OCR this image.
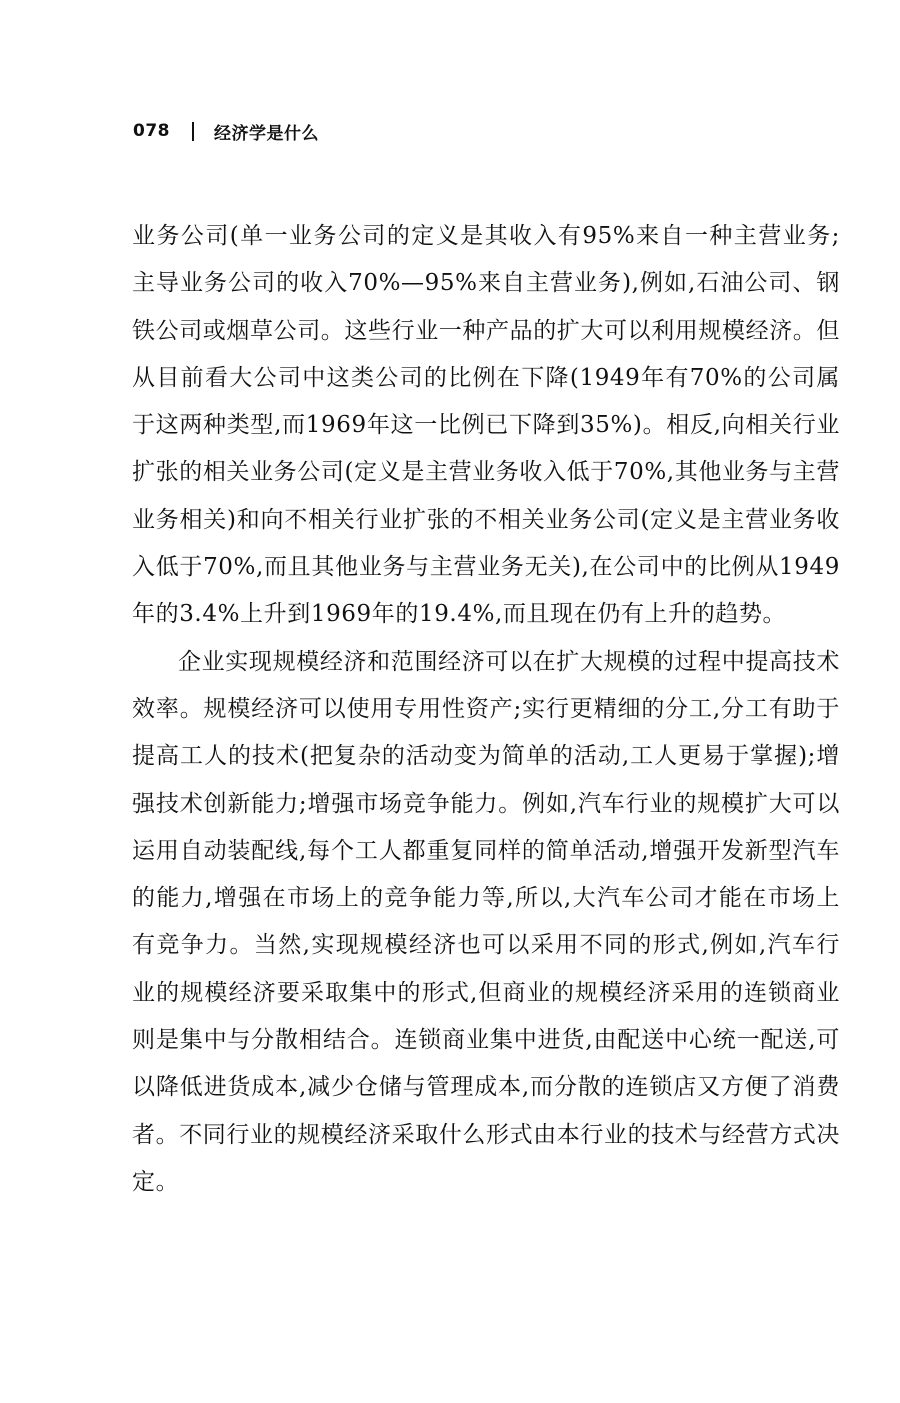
078	经济学是什么

业务公司(单一业务公司的定义是其收入有95%来自一种主营业务;主导业务公司的收入70%—95%来自主营业务),例如,石油公司、钢铁公司或烟草公司。这些行业一种产品的扩大可以利用规模经济。但从目前看大公司中这类公司的比例在下降(1949年有70%的公司属于这两种类型,而1969年这一比例已下降到35%)。相反,向相关行业扩张的相关业务公司(定义是主营业务收入低于70%,其他业务与主营业务相关)和向不相关行业扩张的不相关业务公司(定义是主营业务收入低于70%,而且其他业务与主营业务无关),在公司中的比例从1949年的3.4%上升到1969年的19.4%,而且现在仍有上升的趋势。

企业实现规模经济和范围经济可以在扩大规模的过程中提高技术效率。规模经济可以使用专用性资产;实行更精细的分工,分工有助于提高工人的技术(把复杂的活动变为简单的活动,工人更易于掌握);增强技术创新能力;增强市场竞争能力。例如,汽车行业的规模扩大可以运用自动装配线,每个工人都重复同样的简单活动,增强开发新型汽车的能力,增强在市场上的竞争能力等,所以,大汽车公司才能在市场上有竞争力。当然,实现规模经济也可以采用不同的形式,例如,汽车行业的规模经济要采取集中的形式,但商业的规模经济采用的连锁商业则是集中与分散相结合。连锁商业集中进货,由配送中心统一配送,可以降低进货成本,减少仓储与管理成本,而分散的连锁店又方便了消费者。不同行业的规模经济采取什么形式由本行业的技术与经营方式决定。
